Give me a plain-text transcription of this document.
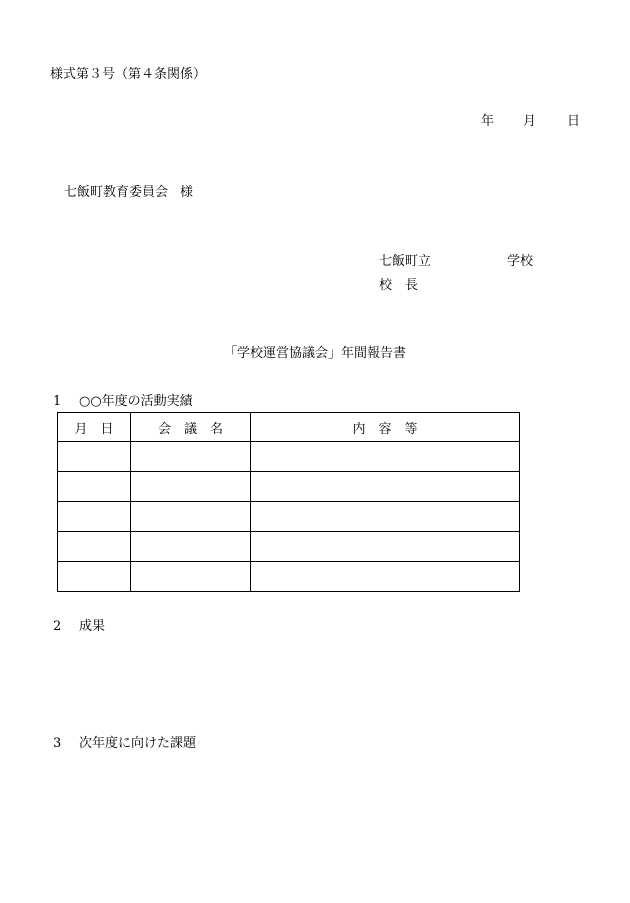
様式第３号（第４条関係）
年 月 日
七飯町教育委員会 様
七飯町立	学校
校　長
「学校運営協議会」年間報告書
1 ○○年度の活動実績
月　日	会　議　名	内　容　等

2 成果
3 次年度に向けた課題
